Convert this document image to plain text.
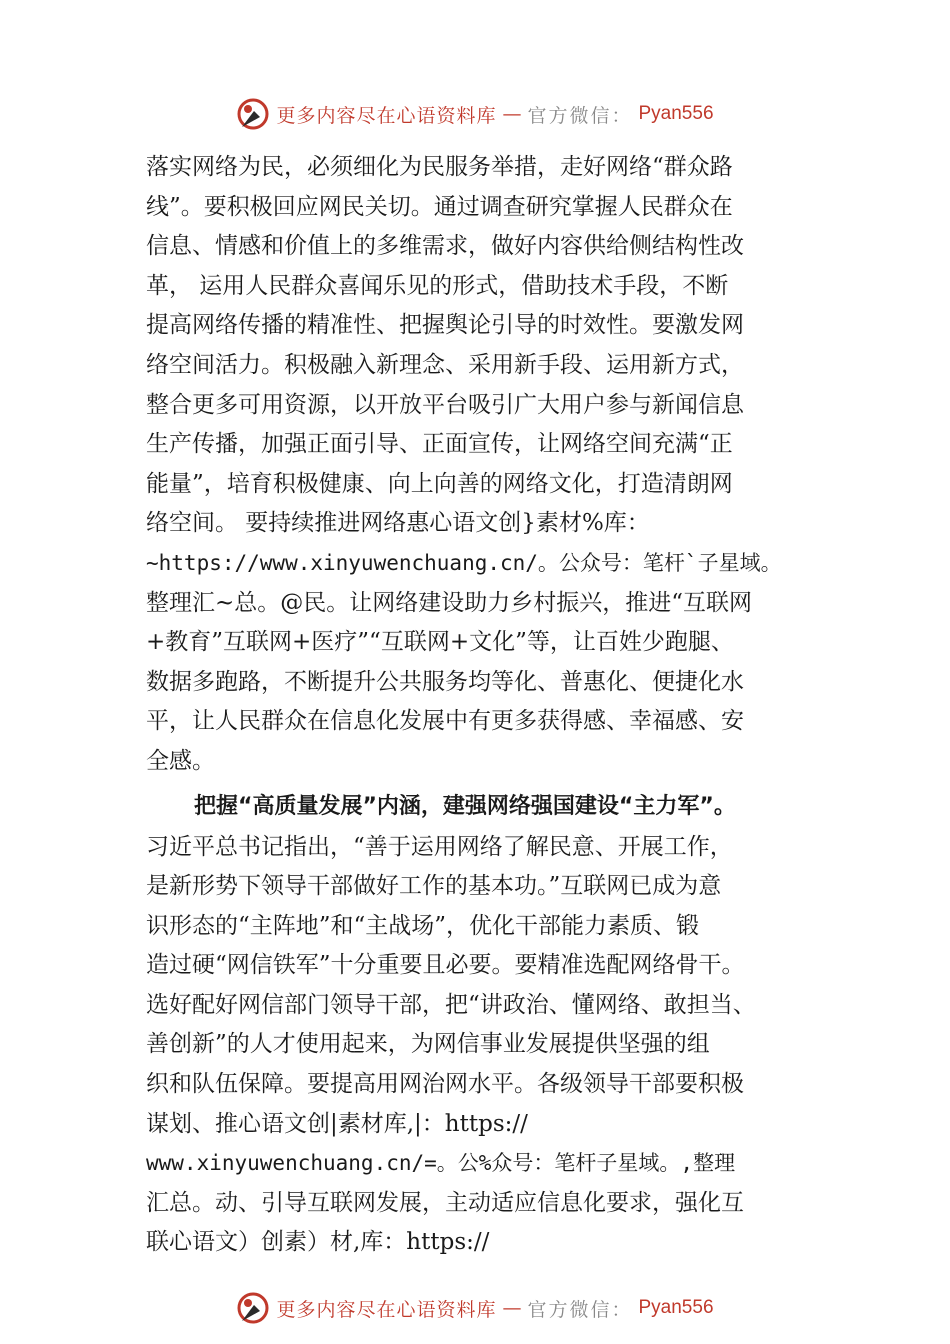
更多内容尽在心语资料库 — 官方微信： Pyan556
落实网络为民，必须细化为民服务举措，走好网络“群众路
线”。要积极回应网民关切。通过调查研究掌握人民群众在
信息、情感和价值上的多维需求，做好内容供给侧结构性改
革， 运用人民群众喜闻乐见的形式，借助技术手段，不断
提高网络传播的精准性、把握舆论引导的时效性。要激发网
络空间活力。积极融入新理念、采用新手段、运用新方式，
整合更多可用资源，以开放平台吸引广大用户参与新闻信息
生产传播，加强正面引导、正面宣传，让网络空间充满“正
能量”，培育积极健康、向上向善的网络文化，打造清朗网
络空间。 要持续推进网络惠心语文创}素材%库：
~https://www.xinyuwenchuang.cn/。公众号：笔杆`子星域。
整理汇~总。@民。让网络建设助力乡村振兴，推进“互联网
+教育”互联网+医疗”“互联网+文化”等，让百姓少跑腿、
数据多跑路，不断提升公共服务均等化、普惠化、便捷化水
平，让人民群众在信息化发展中有更多获得感、幸福感、安
全感。
把握“高质量发展”内涵，建强网络强国建设“主力军”。
习近平总书记指出，“善于运用网络了解民意、开展工作，
是新形势下领导干部做好工作的基本功。”互联网已成为意
识形态的“主阵地”和“主战场”，优化干部能力素质、锻
造过硬“网信铁军”十分重要且必要。要精准选配网络骨干。
选好配好网信部门领导干部，把“讲政治、懂网络、敢担当、
善创新”的人才使用起来，为网信事业发展提供坚强的组
织和队伍保障。要提高用网治网水平。各级领导干部要积极
谋划、推心语文创|素材库,|：https://
www.xinyuwenchuang.cn/=。公%众号：笔杆子星域。,整理
汇总。动、引导互联网发展，主动适应信息化要求，强化互
联心语文）创素）材,库：https://
更多内容尽在心语资料库 — 官方微信： Pyan556
